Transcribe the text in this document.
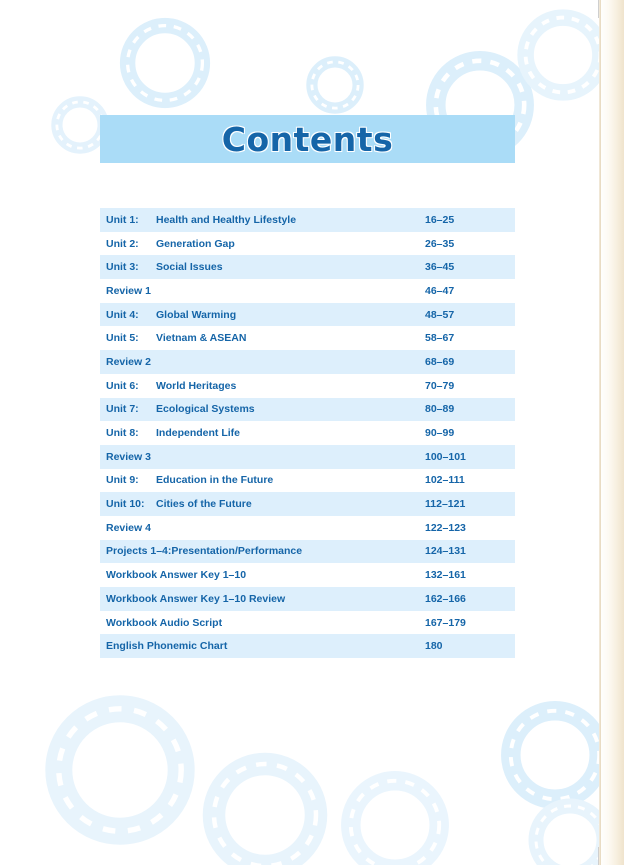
Contents
Unit 1:	Health and Healthy Lifestyle	16–25
Unit 2:	Generation Gap	26–35
Unit 3:	Social Issues	36–45
Review 1	46–47
Unit 4:	Global Warming	48–57
Unit 5:	Vietnam & ASEAN	58–67
Review 2	68–69
Unit 6:	World Heritages	70–79
Unit 7:	Ecological Systems	80–89
Unit 8:	Independent Life	90–99
Review 3	100–101
Unit 9:	Education in the Future	102–111
Unit 10:	Cities of the Future	112–121
Review 4	122–123
Projects 1–4: Presentation/Performance	124–131
Workbook Answer Key 1–10	132–161
Workbook Answer Key 1–10 Review	162–166
Workbook Audio Script	167–179
English Phonemic Chart	180
